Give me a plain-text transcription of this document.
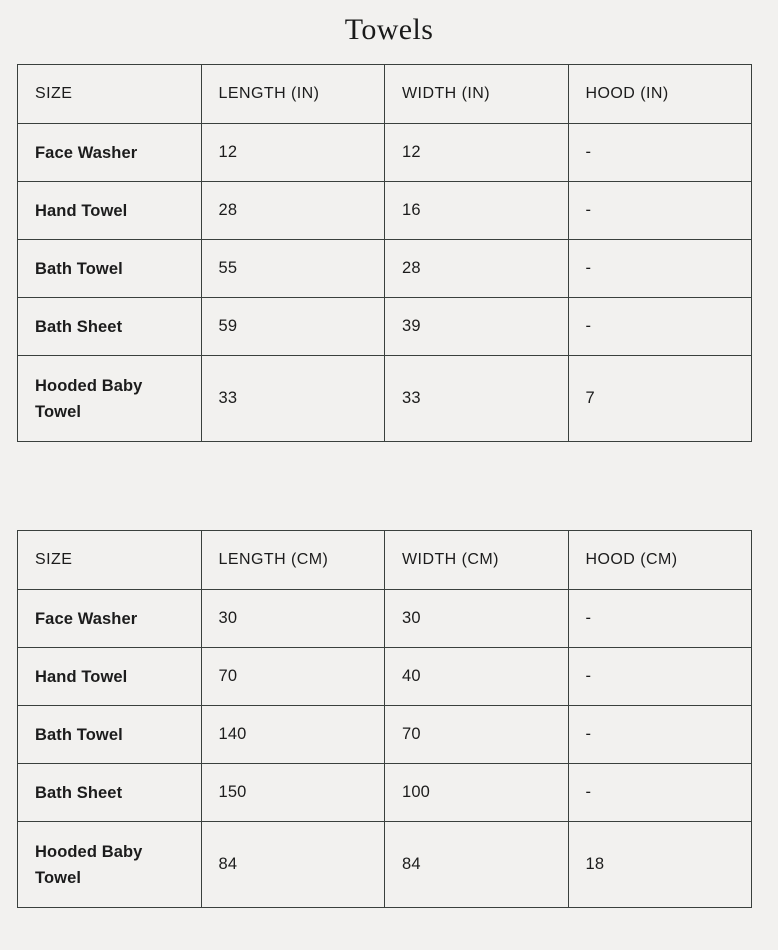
Towels
SIZE	LENGTH (IN)	WIDTH (IN)	HOOD (IN)
Face Washer	12	12	-
Hand Towel	28	16	-
Bath Towel	55	28	-
Bath Sheet	59	39	-
Hooded Baby Towel	33	33	7
SIZE	LENGTH (CM)	WIDTH (CM)	HOOD (CM)
Face Washer	30	30	-
Hand Towel	70	40	-
Bath Towel	140	70	-
Bath Sheet	150	100	-
Hooded Baby Towel	84	84	18
